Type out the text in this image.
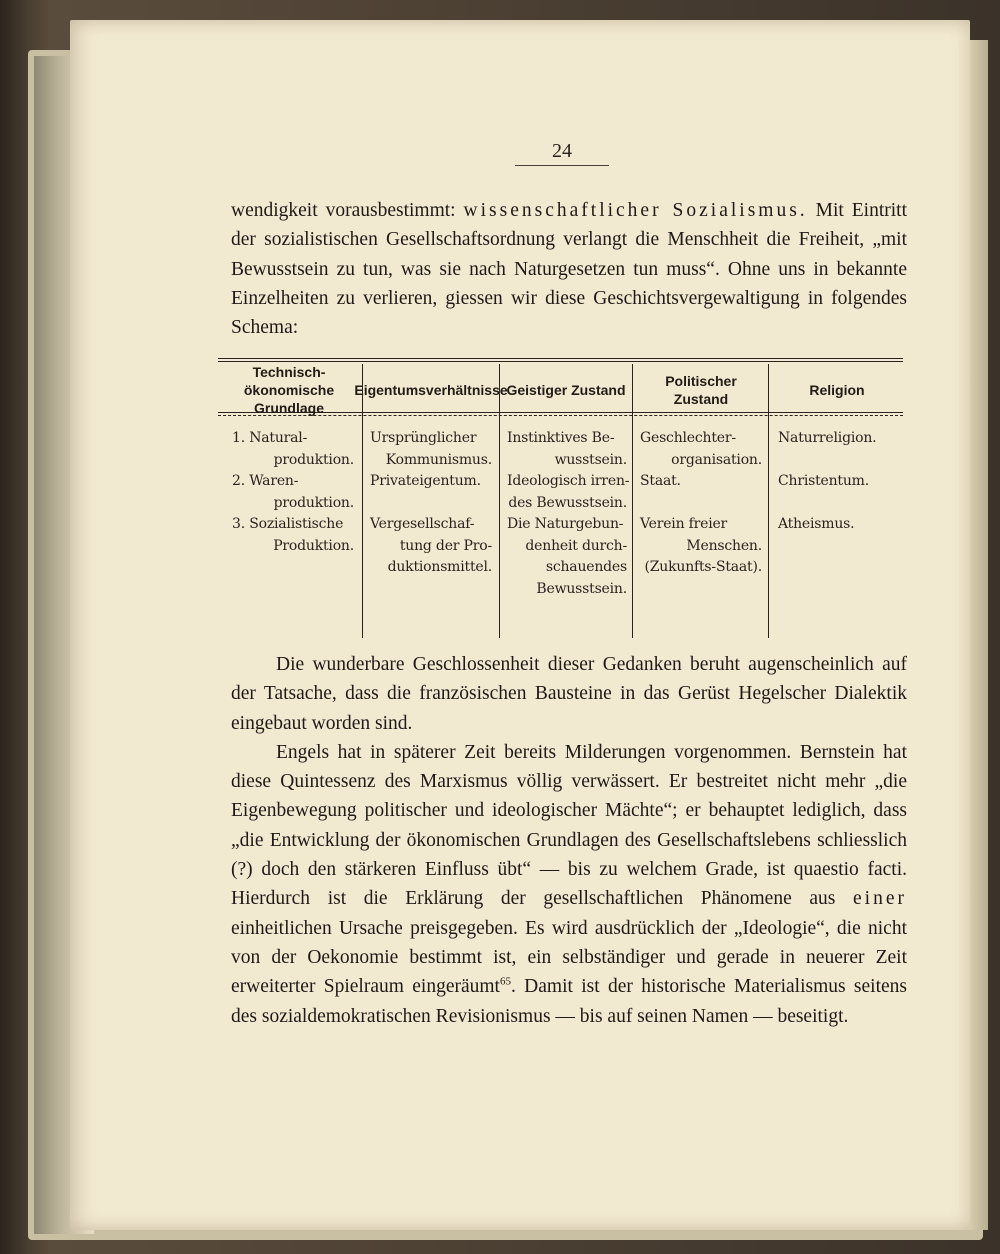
24

wendigkeit vorausbestimmt: wissenschaftlicher Sozialismus. Mit Eintritt der sozialistischen Gesellschaftsordnung verlangt die Menschheit die Freiheit, „mit Bewusstsein zu tun, was sie nach Naturgesetzen tun muss“. Ohne uns in bekannte Einzelheiten zu verlieren, giessen wir diese Geschichtsvergewaltigung in folgendes Schema:

Technisch-ökonomische Grundlage
Eigentumsverhältnisse
Geistiger Zustand
Politischer Zustand
Religion
1. Natural-
produktion.
2. Waren-
produktion.
3. Sozialistische
Produktion.
Ursprünglicher
Kommunismus.
Privateigentum.
Vergesellschaf-
tung der Pro-
duktionsmittel.
Instinktives Be-
wusstsein.
Ideologisch irren-
des Bewusstsein.
Die Naturgebun-
denheit durch-
schauendes
Bewusstsein.
Geschlechter-
organisation.
Staat.
Verein freier
Menschen.
(Zukunfts-Staat).
Naturreligion.
Christentum.
Atheismus.

Die wunderbare Geschlossenheit dieser Gedanken beruht augenscheinlich auf der Tatsache, dass die französischen Bausteine in das Gerüst Hegelscher Dialektik eingebaut worden sind.

Engels hat in späterer Zeit bereits Milderungen vorgenommen. Bernstein hat diese Quintessenz des Marxismus völlig verwässert. Er bestreitet nicht mehr „die Eigenbewegung politischer und ideologischer Mächte“; er behauptet lediglich, dass „die Entwicklung der ökonomischen Grundlagen des Gesellschaftslebens schliesslich (?) doch den stärkeren Einfluss übt“ — bis zu welchem Grade, ist quaestio facti. Hierdurch ist die Erklärung der gesellschaftlichen Phänomene aus einer einheitlichen Ursache preisgegeben. Es wird ausdrücklich der „Ideologie“, die nicht von der Oekonomie bestimmt ist, ein selbständiger und gerade in neuerer Zeit erweiterter Spielraum eingeräumt$^{65}$. Damit ist der historische Materialismus seitens des sozialdemokratischen Revisionismus — bis auf seinen Namen — beseitigt.
